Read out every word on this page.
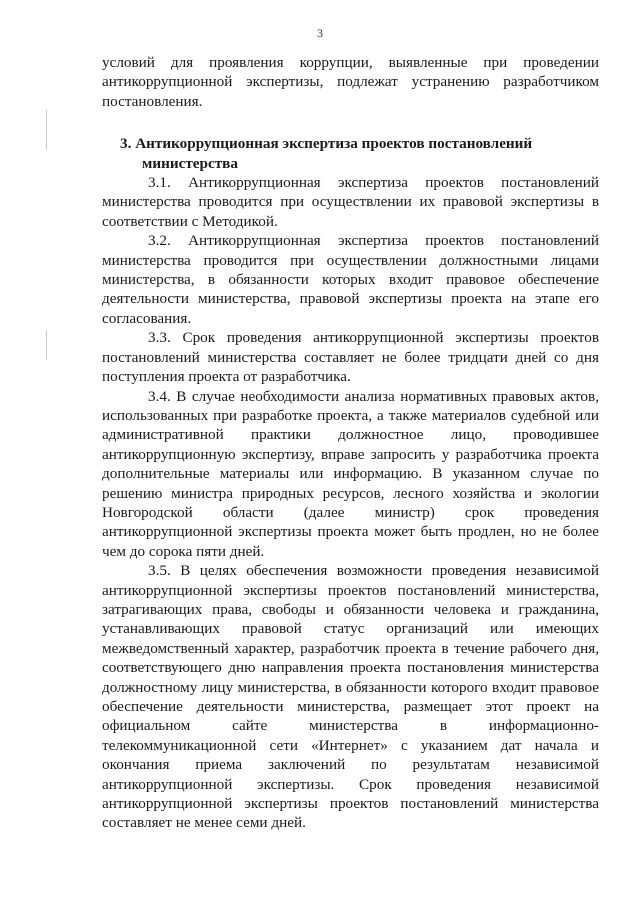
3

условий для проявления коррупции, выявленные при проведении антикоррупционной экспертизы, подлежат устранению разработчиком постановления.

3. Антикоррупционная экспертиза проектов постановлений министерства

3.1. Антикоррупционная экспертиза проектов постановлений министерства проводится при осуществлении их правовой экспертизы в соответствии с Методикой.

3.2. Антикоррупционная экспертиза проектов постановлений министерства проводится при осуществлении должностными лицами министерства, в обязанности которых входит правовое обеспечение деятельности министерства, правовой экспертизы проекта на этапе его согласования.

3.3. Срок проведения антикоррупционной экспертизы проектов постановлений министерства составляет не более тридцати дней со дня поступления проекта от разработчика.

3.4. В случае необходимости анализа нормативных правовых актов, использованных при разработке проекта, а также материалов судебной или административной практики должностное лицо, проводившее антикоррупционную экспертизу, вправе запросить у разработчика проекта дополнительные материалы или информацию. В указанном случае по решению министра природных ресурсов, лесного хозяйства и экологии Новгородской области (далее министр) срок проведения антикоррупционной экспертизы проекта может быть продлен, но не более чем до сорока пяти дней.

3.5. В целях обеспечения возможности проведения независимой антикоррупционной экспертизы проектов постановлений министерства, затрагивающих права, свободы и обязанности человека и гражданина, устанавливающих правовой статус организаций или имеющих межведомственный характер, разработчик проекта в течение рабочего дня, соответствующего дню направления проекта постановления министерства должностному лицу министерства, в обязанности которого входит правовое обеспечение деятельности министерства, размещает этот проект на официальном сайте министерства в информационно-телекоммуникационной сети «Интернет» с указанием дат начала и окончания приема заключений по результатам независимой антикоррупционной экспертизы. Срок проведения независимой антикоррупционной экспертизы проектов постановлений министерства составляет не менее семи дней.
